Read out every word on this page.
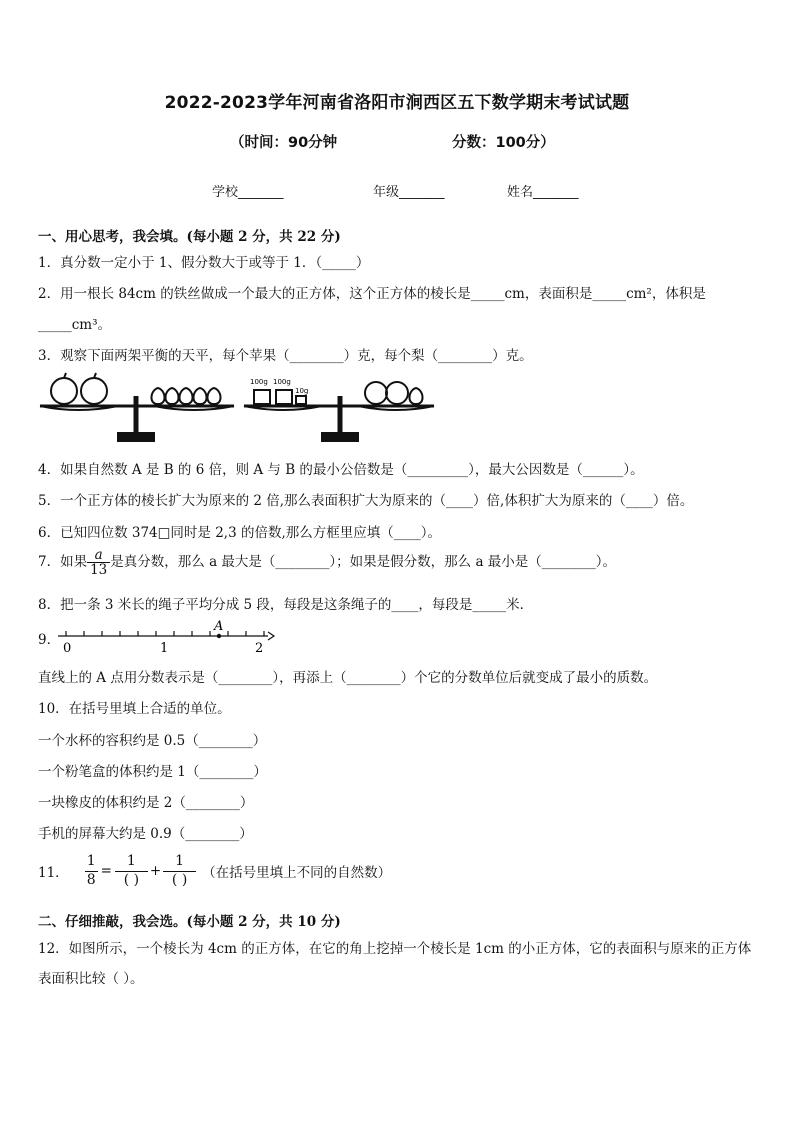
2022-2023学年河南省洛阳市涧西区五下数学期末考试试题
（时间：90分钟	分数：100分）
学校_______	年级_______	姓名_______
一、用心思考，我会填。(每小题 2 分，共 22 分)
1．真分数一定小于 1、假分数大于或等于 1．（_____）
2．用一根长 84cm 的铁丝做成一个最大的正方体，这个正方体的棱长是_____cm，表面积是_____cm²，体积是
_____cm³。
3．观察下面两架平衡的天平，每个苹果（________）克，每个梨（________）克。
100g 100g
10g
4．如果自然数 A 是 B 的 6 倍，则 A 与 B 的最小公倍数是（_________），最大公因数是（______）。
5．一个正方体的棱长扩大为原来的 2 倍,那么表面积扩大为原来的（____）倍,体积扩大为原来的（____）倍。
6．已知四位数 374□同时是 2,3 的倍数,那么方框里应填（____）。
7．如果 $\frac{a}{13}$ 是真分数，那么 a 最大是（________）；如果是假分数，那么 a 最小是（________）。
8．把一条 3 米长的绳子平均分成 5 段，每段是这条绳子的____，每段是_____米．
9．
A
0	1	2
直线上的 A 点用分数表示是（________），再添上（________）个它的分数单位后就变成了最小的质数。
10．在括号里填上合适的单位。
一个水杯的容积约是 0.5（________）
一个粉笔盒的体积约是 1（________）
一块橡皮的体积约是 2（________）
手机的屏幕大约是 0.9（________）
11． $\frac{1}{8}$ =
1
( )
+
1
( )	（在括号里填上不同的自然数）
二、仔细推敲，我会选。(每小题 2 分，共 10 分)
12．如图所示，一个棱长为 4cm 的正方体，在它的角上挖掉一个棱长是 1cm 的小正方体，它的表面积与原来的正方体
表面积比较（ ）。
